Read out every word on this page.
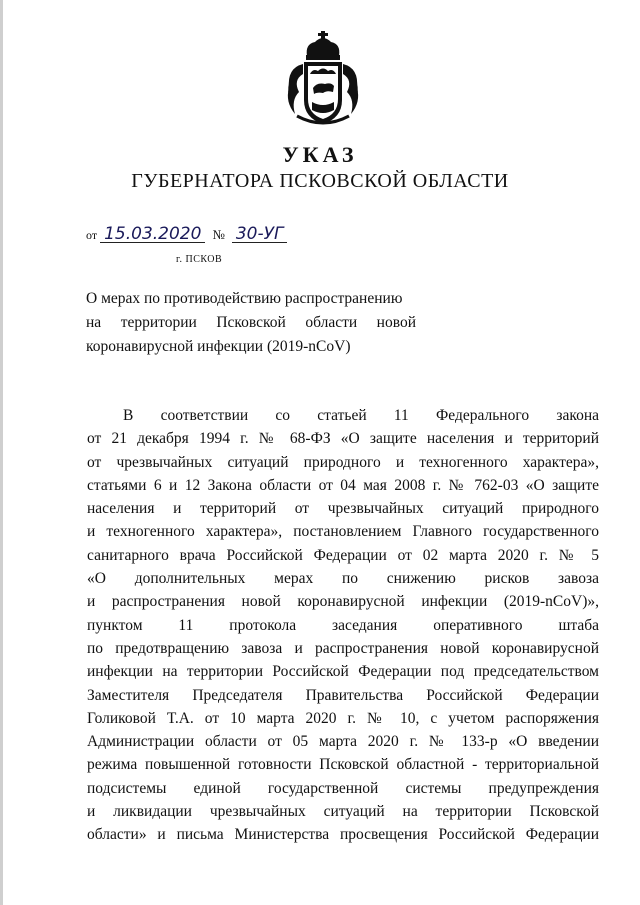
УКАЗ
ГУБЕРНАТОРА ПСКОВСКОЙ ОБЛАСТИ
от 15.03.2020 № 30-УГ
г. ПСКОВ
О мерах по противодействию распространению
на территории Псковской области новой
коронавирусной инфекции (2019-nCoV)
В соответствии со статьей 11 Федерального закона
от 21 декабря 1994 г. № 68-ФЗ «О защите населения и территорий
от чрезвычайных ситуаций природного и техногенного характера»,
статьями 6 и 12 Закона области от 04 мая 2008 г. № 762-03 «О защите
населения и территорий от чрезвычайных ситуаций природного
и техногенного характера», постановлением Главного государственного
санитарного врача Российской Федерации от 02 марта 2020 г. № 5
«О дополнительных мерах по снижению рисков завоза
и распространения новой коронавирусной инфекции (2019-nCoV)»,
пунктом 11 протокола заседания оперативного штаба
по предотвращению завоза и распространения новой коронавирусной
инфекции на территории Российской Федерации под председательством
Заместителя Председателя Правительства Российской Федерации
Голиковой Т.А. от 10 марта 2020 г. № 10, с учетом распоряжения
Администрации области от 05 марта 2020 г. № 133-р «О введении
режима повышенной готовности Псковской областной - территориальной
подсистемы единой государственной системы предупреждения
и ликвидации чрезвычайных ситуаций на территории Псковской
области» и письма Министерства просвещения Российской Федерации
